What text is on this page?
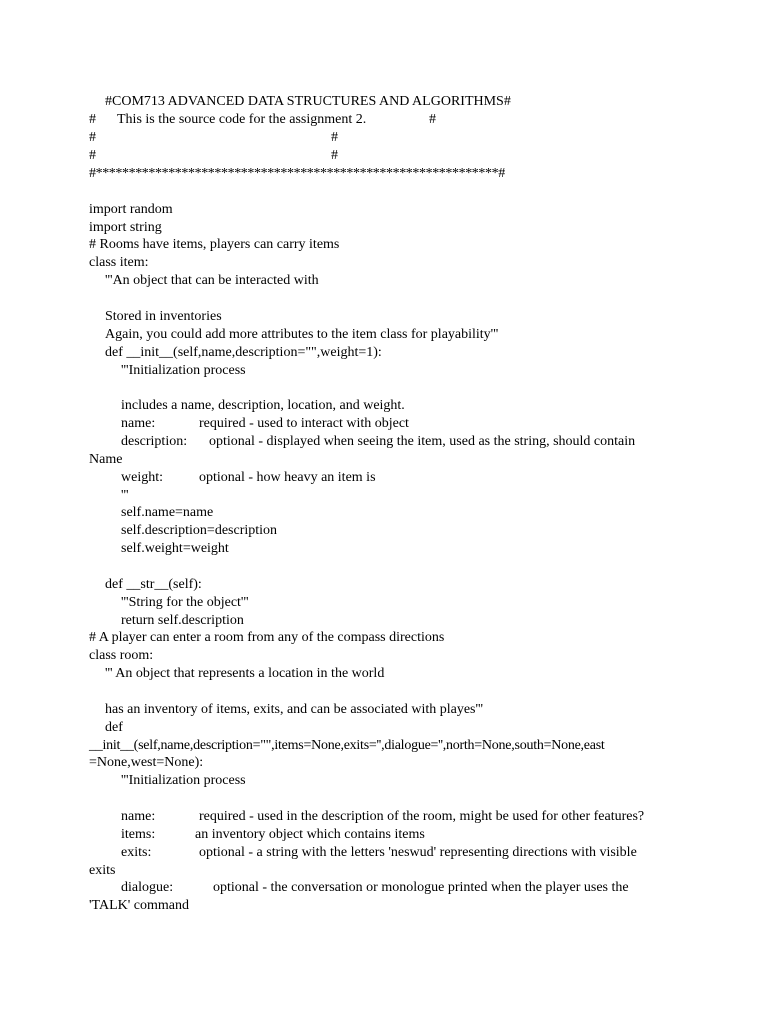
#COM713 ADVANCED DATA STRUCTURES AND ALGORITHMS#
# This is the source code for the assignment 2.	#
#	#
#	#
#*************************************************************#
import random
import string
# Rooms have items, players can carry items
class item:
'''An object that can be interacted with
Stored in inventories
Again, you could add more attributes to the item class for playability'''
def __init__(self,name,description="",weight=1):
'''Initialization process
includes a name, description, location, and weight.
name:	required - used to interact with object
description: optional - displayed when seeing the item, used as the string, should contain
Name
weight:	optional - how heavy an item is
'''
self.name=name
self.description=description
self.weight=weight
def __str__(self):
'''String for the object'''
return self.description
# A player can enter a room from any of the compass directions
class room:
''' An object that represents a location in the world
has an inventory of items, exits, and can be associated with playes'''
def
__init__(self,name,description="",items=None,exits='',dialogue='',north=None,south=None,east
=None,west=None):
'''Initialization process
name:	required - used in the description of the room, might be used for other features?
items:	an inventory object which contains items
exits:	optional - a string with the letters 'neswud' representing directions with visible
exits
dialogue:	optional - the conversation or monologue printed when the player uses the
'TALK' command
